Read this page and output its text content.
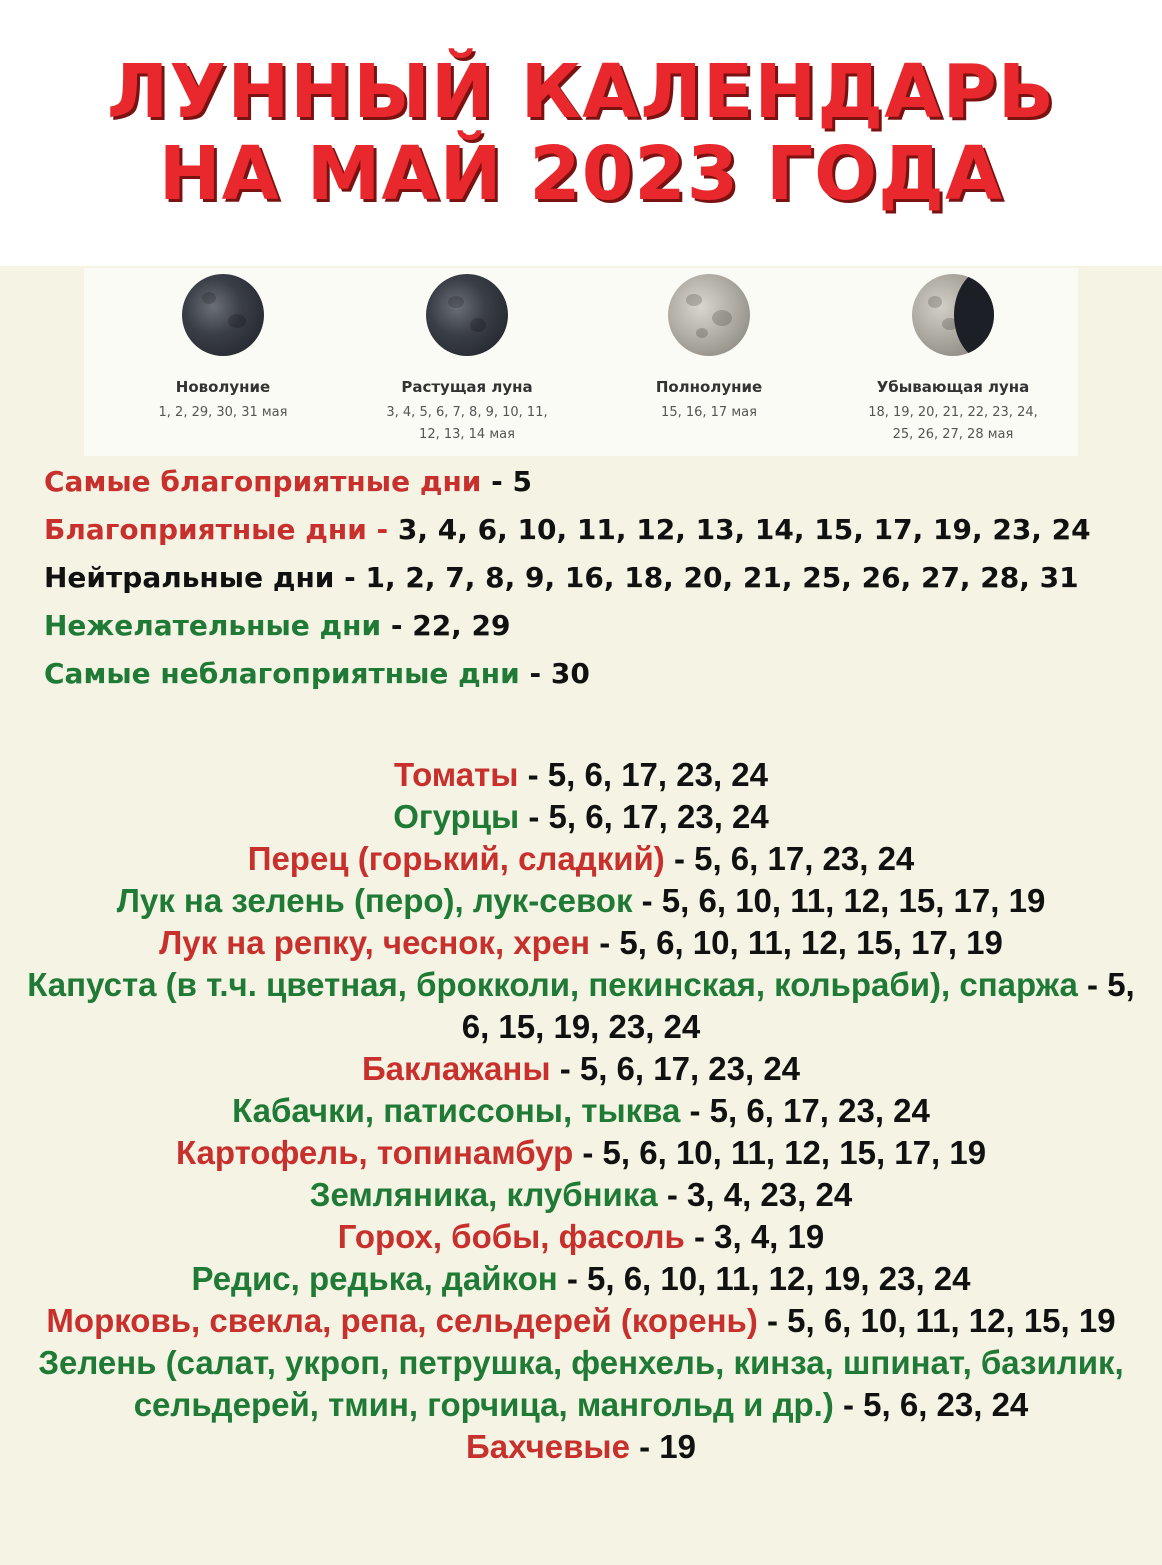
ЛУННЫЙ КАЛЕНДАРЬ
НА МАЙ 2023 ГОДА
Новолуние
1, 2, 29, 30, 31 мая
Растущая луна
3, 4, 5, 6, 7, 8, 9, 10, 11,
12, 13, 14 мая
Полнолуние
15, 16, 17 мая
Убывающая луна
18, 19, 20, 21, 22, 23, 24,
25, 26, 27, 28 мая
Самые благоприятные дни - 5
Благоприятные дни - 3, 4, 6, 10, 11, 12, 13, 14, 15, 17, 19, 23, 24
Нейтральные дни - 1, 2, 7, 8, 9, 16, 18, 20, 21, 25, 26, 27, 28, 31
Нежелательные дни - 22, 29
Самые неблагоприятные дни - 30
Томаты - 5, 6, 17, 23, 24
Огурцы - 5, 6, 17, 23, 24
Перец (горький, сладкий) - 5, 6, 17, 23, 24
Лук на зелень (перо), лук-севок - 5, 6, 10, 11, 12, 15, 17, 19
Лук на репку, чеснок, хрен - 5, 6, 10, 11, 12, 15, 17, 19
Капуста (в т.ч. цветная, брокколи, пекинская, кольраби), спаржа - 5, 6, 15, 19, 23, 24
Баклажаны - 5, 6, 17, 23, 24
Кабачки, патиссоны, тыква - 5, 6, 17, 23, 24
Картофель, топинамбур - 5, 6, 10, 11, 12, 15, 17, 19
Земляника, клубника - 3, 4, 23, 24
Горох, бобы, фасоль - 3, 4, 19
Редис, редька, дайкон - 5, 6, 10, 11, 12, 19, 23, 24
Морковь, свекла, репа, сельдерей (корень) - 5, 6, 10, 11, 12, 15, 19
Зелень (салат, укроп, петрушка, фенхель, кинза, шпинат, базилик, сельдерей, тмин, горчица, мангольд и др.) - 5, 6, 23, 24
Бахчевые - 19
